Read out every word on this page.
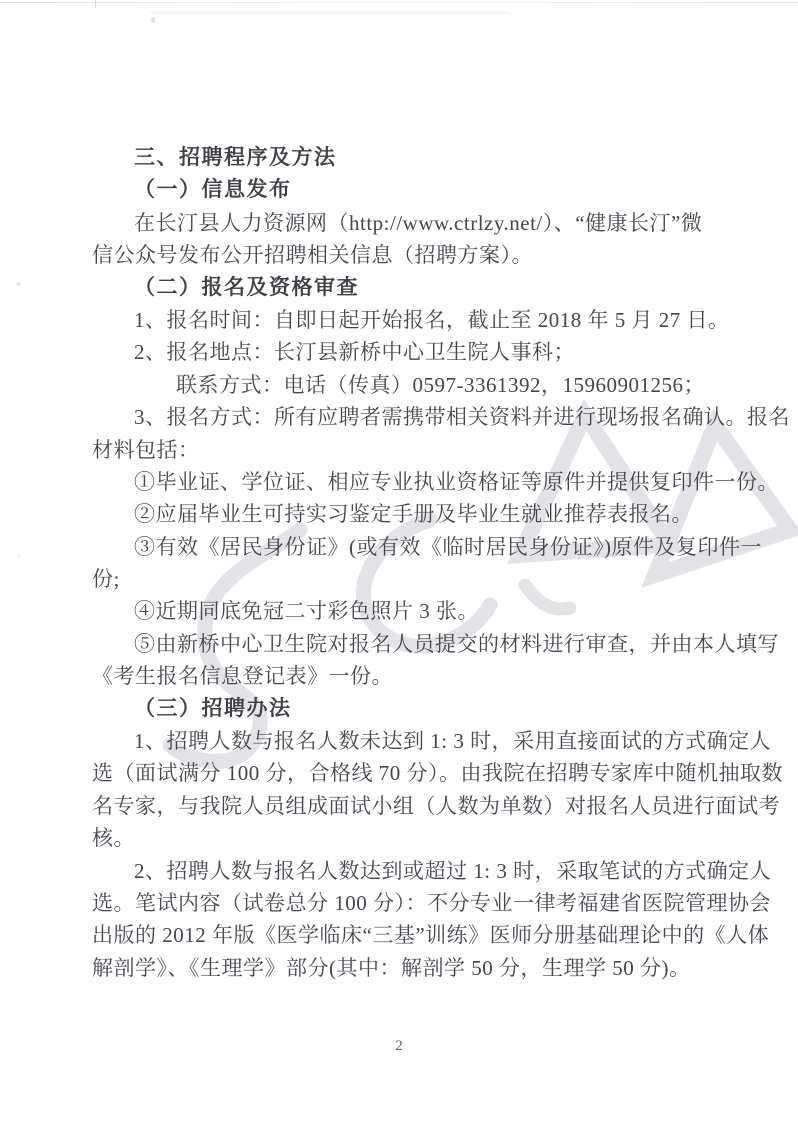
三、招聘程序及方法
（一）信息发布
在长汀县人力资源网（http://www.ctrlzy.net/）、“健康长汀”微
信公众号发布公开招聘相关信息（招聘方案）。
（二）报名及资格审查
1、报名时间：自即日起开始报名，截止至 2018 年 5 月 27 日。
2、报名地点：长汀县新桥中心卫生院人事科；
联系方式：电话（传真）0597-3361392，15960901256；
3、报名方式：所有应聘者需携带相关资料并进行现场报名确认。报名
材料包括：
①毕业证、学位证、相应专业执业资格证等原件并提供复印件一份。
②应届毕业生可持实习鉴定手册及毕业生就业推荐表报名。
③有效《居民身份证》(或有效《临时居民身份证》)原件及复印件一
份;
④近期同底免冠二寸彩色照片 3 张。
⑤由新桥中心卫生院对报名人员提交的材料进行审查，并由本人填写
《考生报名信息登记表》一份。
（三）招聘办法
1、招聘人数与报名人数未达到 1: 3 时，采用直接面试的方式确定人
选（面试满分 100 分，合格线 70 分）。由我院在招聘专家库中随机抽取数
名专家，与我院人员组成面试小组（人数为单数）对报名人员进行面试考
核。
2、招聘人数与报名人数达到或超过 1: 3 时，采取笔试的方式确定人
选。笔试内容（试卷总分 100 分）：不分专业一律考福建省医院管理协会
出版的 2012 年版《医学临床“三基”训练》医师分册基础理论中的《人体
解剖学》、《生理学》部分(其中：解剖学 50 分，生理学 50 分)。
2
